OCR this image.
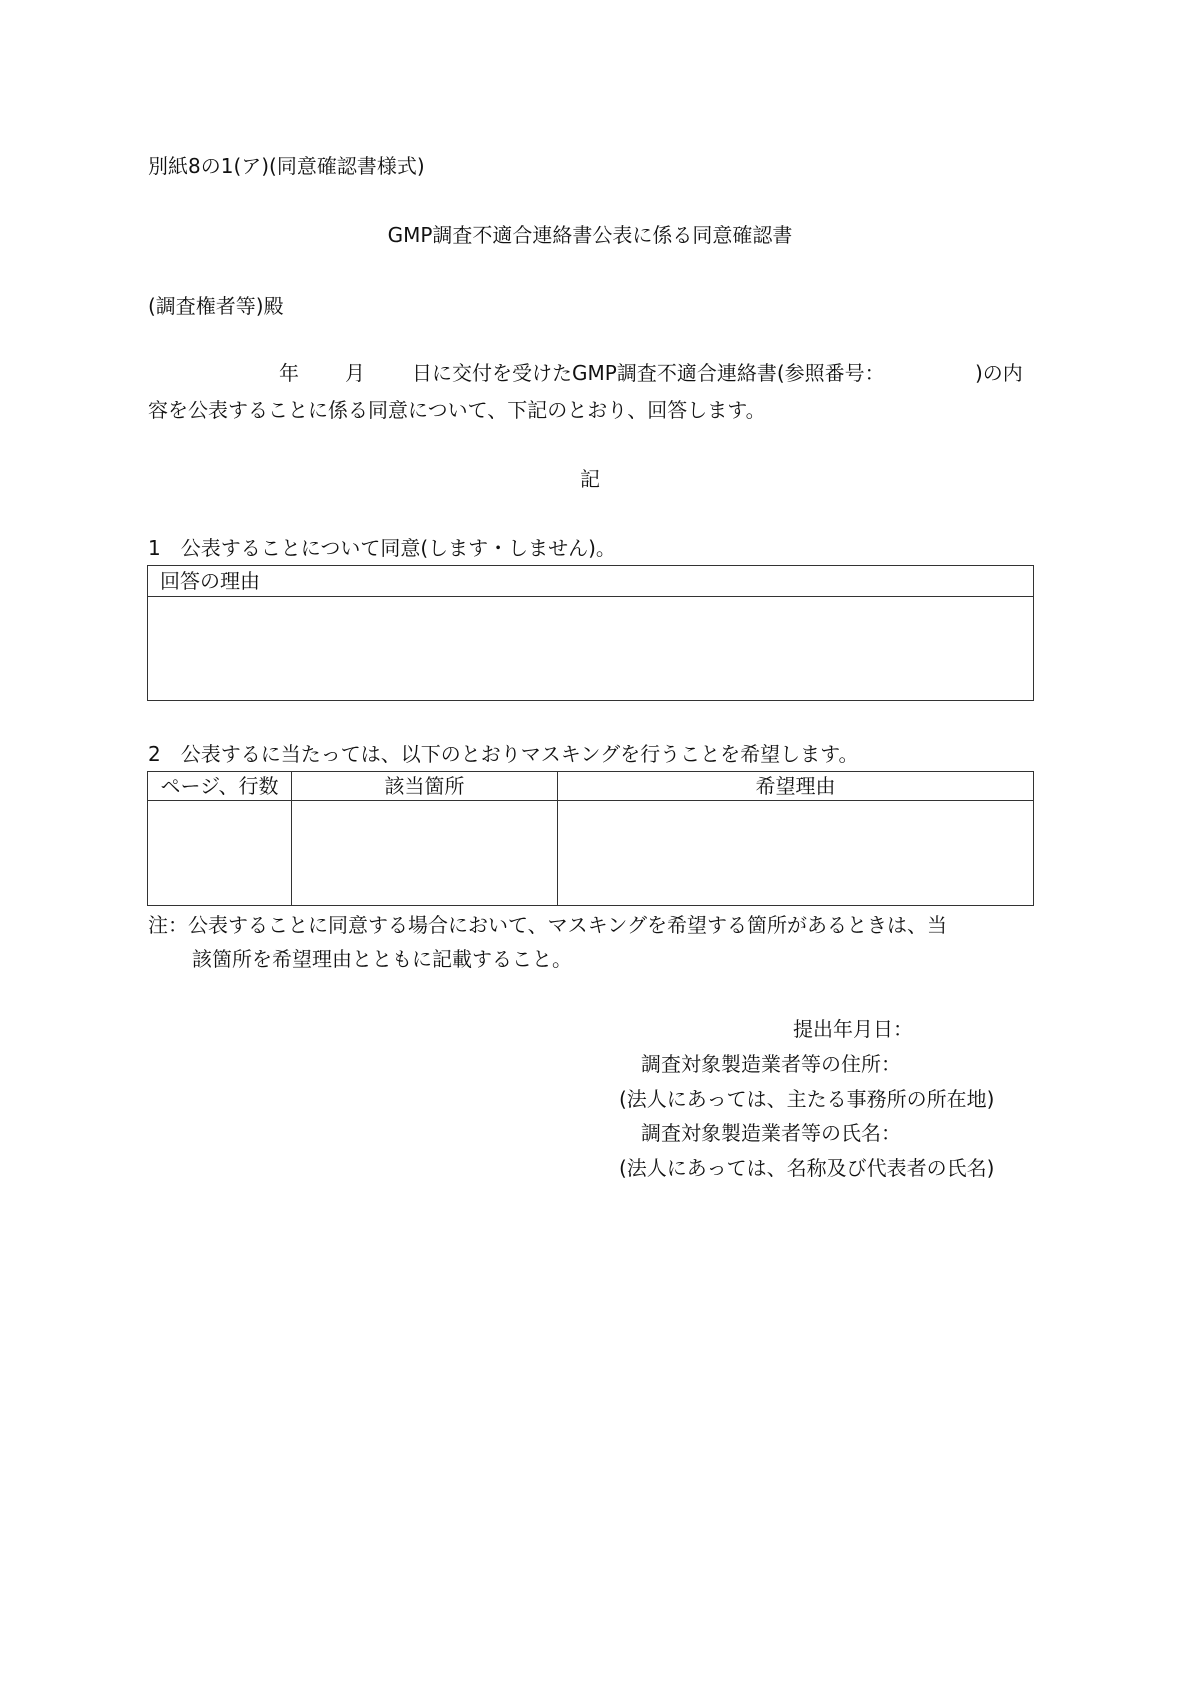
別紙8の1(ア)(同意確認書様式)
GMP調査不適合連絡書公表に係る同意確認書
(調査権者等)殿
年 月 日に交付を受けたGMP調査不適合連絡書(参照番号：	)の内
容を公表することに係る同意について、下記のとおり、回答します。
記
1　公表することについて同意(します・しません)。
回答の理由
2　公表するに当たっては、以下のとおりマスキングを行うことを希望します。
ページ、行数	該当箇所	希望理由
注：公表することに同意する場合において、マスキングを希望する箇所があるときは、当
該箇所を希望理由とともに記載すること。
提出年月日：
調査対象製造業者等の住所：
(法人にあっては、主たる事務所の所在地)
調査対象製造業者等の氏名：
(法人にあっては、名称及び代表者の氏名)
